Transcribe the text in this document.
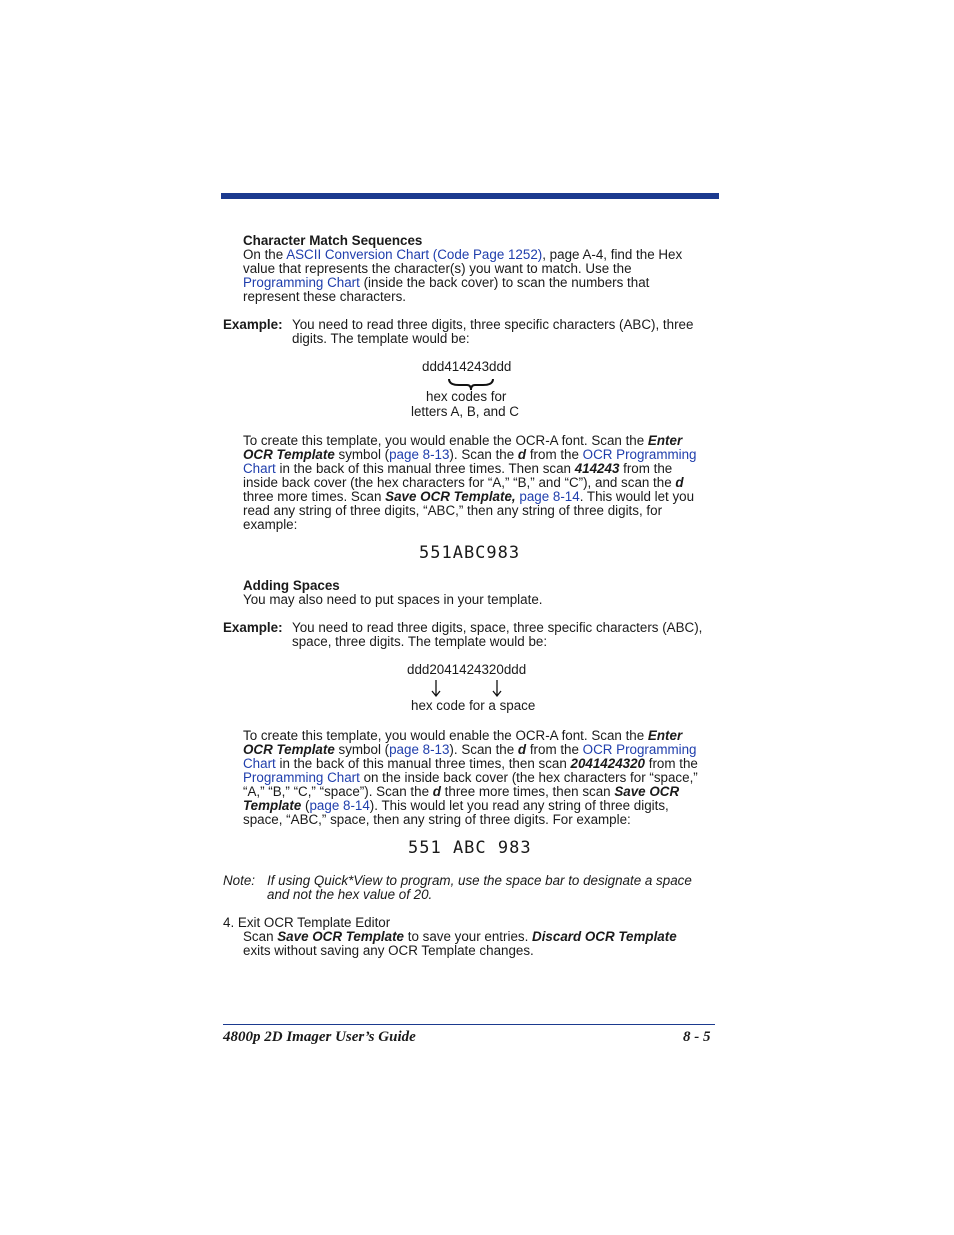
Character Match Sequences
On the ASCII Conversion Chart (Code Page 1252), page A-4, find the Hex
value that represents the character(s) you want to match. Use the
Programming Chart (inside the back cover) to scan the numbers that
represent these characters.
Example: You need to read three digits, three specific characters (ABC), three
digits. The template would be:
ddd414243ddd
hex codes for
letters A, B, and C
To create this template, you would enable the OCR-A font. Scan the Enter
OCR Template symbol (page 8-13). Scan the d from the OCR Programming
Chart in the back of this manual three times. Then scan 414243 from the
inside back cover (the hex characters for “A,” “B,” and “C”), and scan the d
three more times. Scan Save OCR Template, page 8-14. This would let you
read any string of three digits, “ABC,” then any string of three digits, for
example:
551ABC983
Adding Spaces
You may also need to put spaces in your template.
Example: You need to read three digits, space, three specific characters (ABC),
space, three digits. The template would be:
ddd2041424320ddd
hex code for a space
To create this template, you would enable the OCR-A font. Scan the Enter
OCR Template symbol (page 8-13). Scan the d from the OCR Programming
Chart in the back of this manual three times, then scan 2041424320 from the
Programming Chart on the inside back cover (the hex characters for “space,”
“A,” “B,” “C,” “space”). Scan the d three more times, then scan Save OCR
Template (page 8-14). This would let you read any string of three digits,
space, “ABC,” space, then any string of three digits. For example:
551 ABC 983
Note: If using Quick*View to program, use the space bar to designate a space
and not the hex value of 20.
4. Exit OCR Template Editor
Scan Save OCR Template to save your entries. Discard OCR Template
exits without saving any OCR Template changes.
4800p 2D Imager User’s Guide	8 - 5
